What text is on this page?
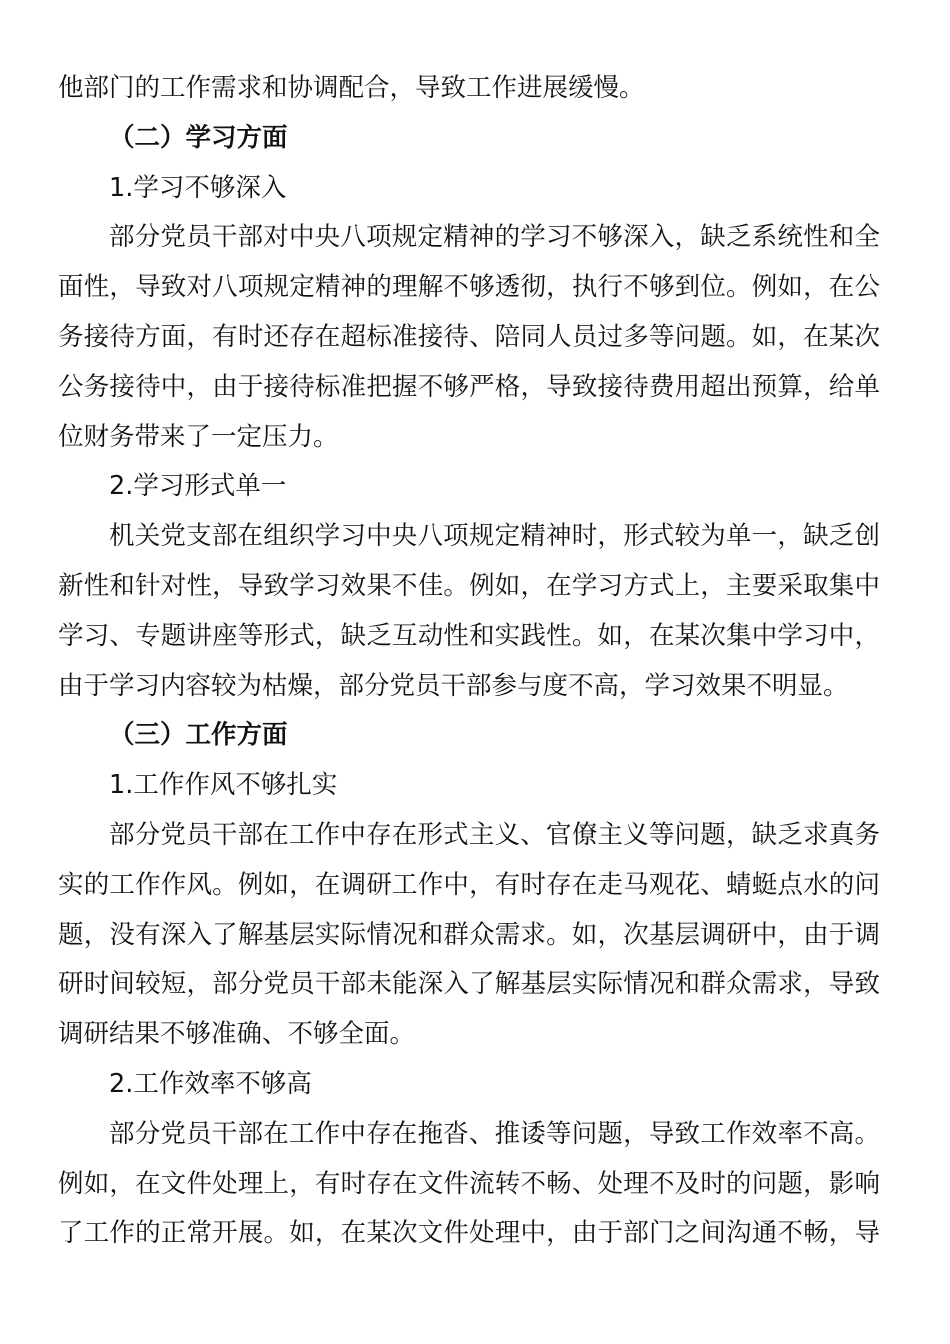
他部门的工作需求和协调配合，导致工作进展缓慢。

（二）学习方面

1.学习不够深入

部分党员干部对中央八项规定精神的学习不够深入，缺乏系统性和全

面性，导致对八项规定精神的理解不够透彻，执行不够到位。例如，在公

务接待方面，有时还存在超标准接待、陪同人员过多等问题。如，在某次

公务接待中，由于接待标准把握不够严格，导致接待费用超出预算，给单

位财务带来了一定压力。

2.学习形式单一

机关党支部在组织学习中央八项规定精神时，形式较为单一，缺乏创

新性和针对性，导致学习效果不佳。例如，在学习方式上，主要采取集中

学习、专题讲座等形式，缺乏互动性和实践性。如，在某次集中学习中，

由于学习内容较为枯燥，部分党员干部参与度不高，学习效果不明显。

（三）工作方面

1.工作作风不够扎实

部分党员干部在工作中存在形式主义、官僚主义等问题，缺乏求真务

实的工作作风。例如，在调研工作中，有时存在走马观花、蜻蜓点水的问

题，没有深入了解基层实际情况和群众需求。如，次基层调研中，由于调

研时间较短，部分党员干部未能深入了解基层实际情况和群众需求，导致

调研结果不够准确、不够全面。

2.工作效率不够高

部分党员干部在工作中存在拖沓、推诿等问题，导致工作效率不高。

例如，在文件处理上，有时存在文件流转不畅、处理不及时的问题，影响

了工作的正常开展。如，在某次文件处理中，由于部门之间沟通不畅，导
